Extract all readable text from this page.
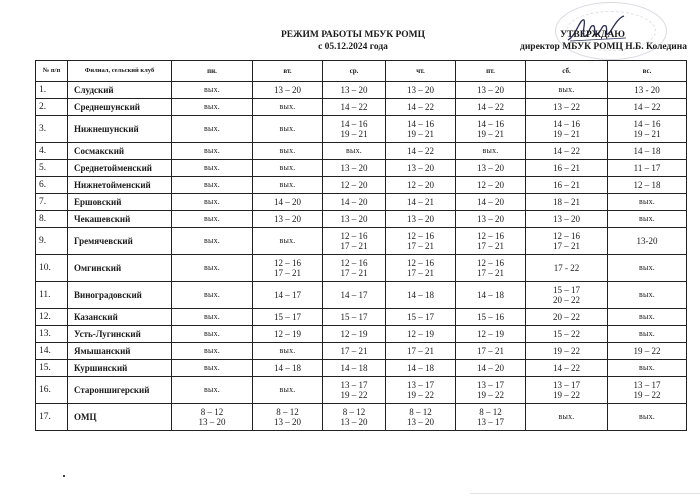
РЕЖИМ РАБОТЫ МБУК РОМЦ
с 05.12.2024 года
УТВЕРЖДАЮ
директор МБУК РОМЦ Н.Б. Коледина
№ п/п	Филиал, сельский клуб	пн.	вт.	ср.	чт.	пт.	сб.	вс.
1.	Слудский	вых.	13 – 20	13 – 20	13 – 20	13 – 20	вых.	13 - 20

2.	Среднешунский	вых.	вых.	14 – 22	14 – 22	14 – 22	13 – 22	14 – 22

3.	Нижнешунский	вых.	вых.	14 – 16
19 – 21	14 – 16
19 – 21	14 – 16
19 – 21	14 – 16
19 – 21	14 – 16
19 – 21

4.	Сосмакский	вых.	вых.	вых.	14 – 22	вых.	14 – 22	14 – 18

5.	Среднетойменский	вых.	вых.	13 – 20	13 – 20	13 – 20	16 – 21	11 – 17

6.	Нижнетойменский	вых.	вых.	12 – 20	12 – 20	12 – 20	16 – 21	12 – 18

7.	Ершовский	вых.	14 – 20	14 – 20	14 – 21	14 – 20	18 – 21	вых.

8.	Чекашевский	вых.	13 – 20	13 – 20	13 – 20	13 – 20	13 – 20	вых.

9.	Гремячевский	вых.	вых.	12 – 16
17 – 21	12 – 16
17 – 21	12 – 16
17 – 21	12 – 16
17 – 21	13-20

10.	Омгинский	вых.	12 – 16
17 – 21	12 – 16
17 – 21	12 – 16
17 – 21	12 – 16
17 – 21	17 - 22	вых.

11.	Виноградовский	вых.	14 – 17	14 – 17	14 – 18	14 – 18	15 – 17
20 – 22	вых.

12.	Казанский	вых.	15 – 17	15 – 17	15 – 17	15 – 16	20 – 22	вых.

13.	Усть-Лугинский	вых.	12 – 19	12 – 19	12 – 19	12 – 19	15 – 22	вых.

14.	Ямышанский	вых.	вых.	17 – 21	17 – 21	17 – 21	19 – 22	19 – 22

15.	Куршинский	вых.	14 – 18	14 – 18	14 – 18	14 – 20	14 – 22	вых.

16.	Староншигерский	вых.	вых.	13 – 17
19 – 22	13 – 17
19 – 22	13 – 17
19 – 22	13 – 17
19 – 22	13 – 17
19 – 22

17.	ОМЦ	8 – 12
13 – 20	8 – 12
13 – 20	8 – 12
13 – 20	8 – 12
13 – 20	8 – 12
13 – 17	вых.	вых.
